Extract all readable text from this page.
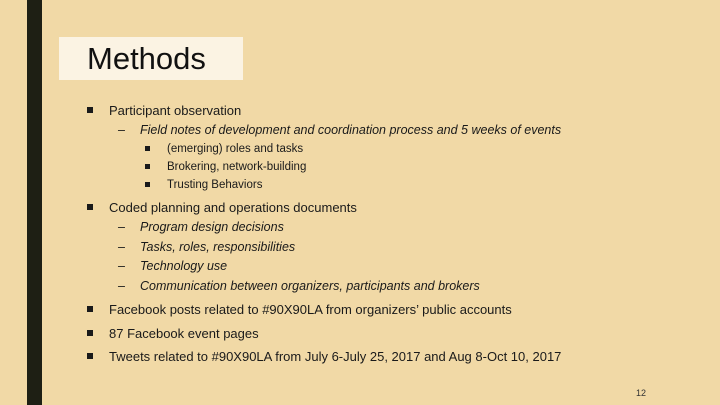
Methods
Participant observation
–	Field notes of development and coordination process and 5 weeks of events
(emerging) roles and tasks
Brokering, network-building
Trusting Behaviors
Coded planning and operations documents
–	Program design decisions
–	Tasks, roles, responsibilities
–	Technology use
–	Communication between organizers, participants and brokers
Facebook posts related to #90X90LA from organizers’ public accounts
87 Facebook event pages
Tweets related to #90X90LA from July 6-July 25, 2017 and Aug 8-Oct 10, 2017
12
